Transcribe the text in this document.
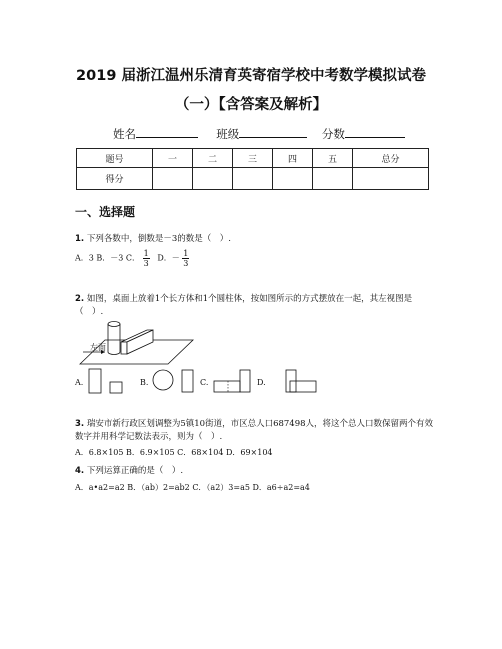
2019 届浙江温州乐清育英寄宿学校中考数学模拟试卷
（一）【含答案及解析】
姓名	班级	分数
题号	一	二	三	四	五	总分
得分						
一、选择题
1. 下列各数中，倒数是－3的数是（　）.
A．3 B．－3 C． $\frac{1}{3}$ D．－ $\frac{1}{3}$
2. 如图，桌面上放着1个长方体和1个圆柱体，按如图所示的方式摆放在一起，其左视图是（　）.
左面
A.	B.	C.	D.
3. 瑞安市新行政区划调整为5镇10街道，市区总人口687498人，将这个总人口数保留两个有效数字并用科学记数法表示，则为（　）.
A．6.8×105 B．6.9×105 C．68×104 D．69×104
4. 下列运算正确的是（　）.
A．a•a2=a2 B．（ab）2=ab2 C．（a2）3=a5 D．a6÷a2=a4
